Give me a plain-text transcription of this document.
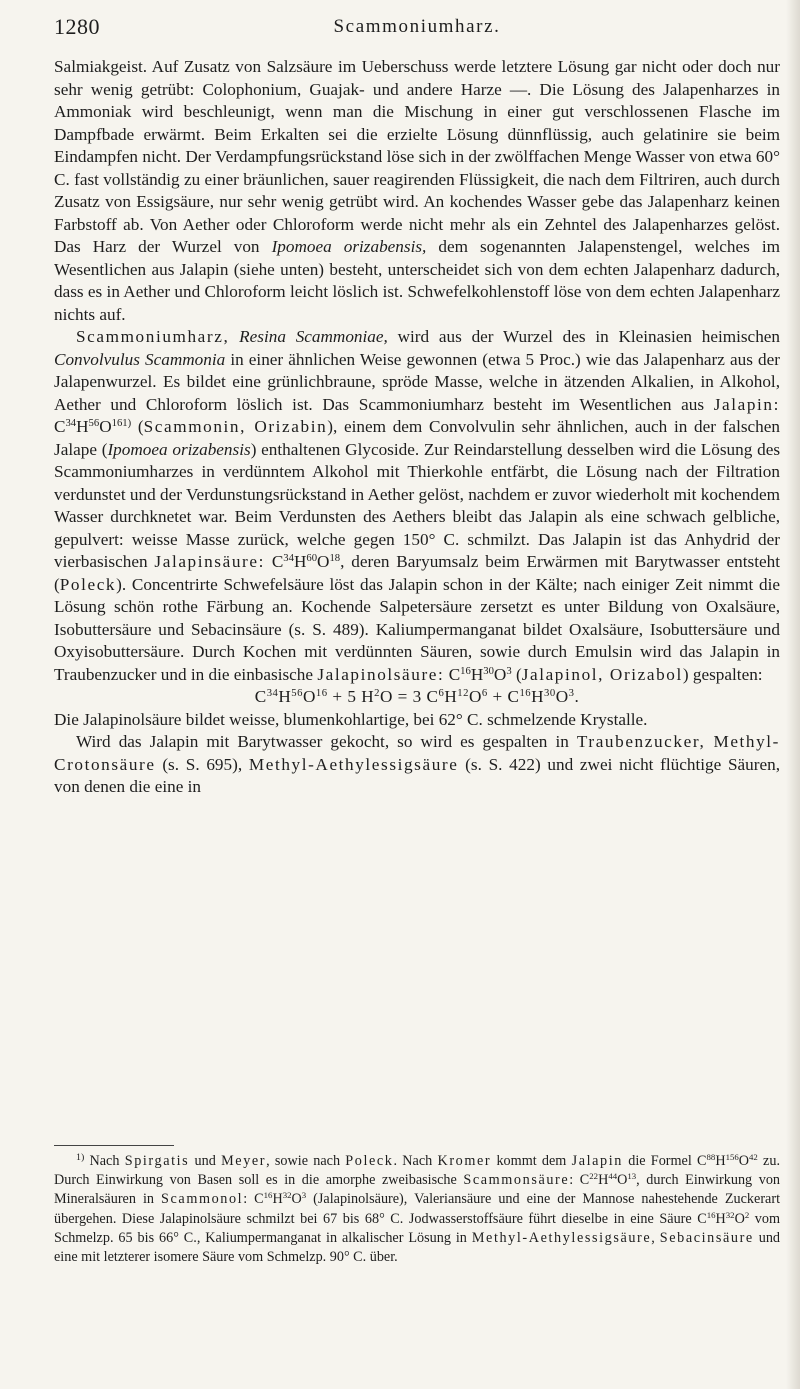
1280	Scammoniumharz.

Salmiakgeist. Auf Zusatz von Salzsäure im Ueberschuss werde letztere Lösung gar nicht oder doch nur sehr wenig getrübt: Colophonium, Guajak- und andere Harze —. Die Lösung des Jalapenharzes in Ammoniak wird beschleunigt, wenn man die Mischung in einer gut verschlossenen Flasche im Dampfbade erwärmt. Beim Erkalten sei die erzielte Lösung dünnflüssig, auch gelatinire sie beim Eindampfen nicht. Der Verdampfungsrückstand löse sich in der zwölffachen Menge Wasser von etwa 60° C. fast vollständig zu einer bräunlichen, sauer reagirenden Flüssigkeit, die nach dem Filtriren, auch durch Zusatz von Essigsäure, nur sehr wenig getrübt wird. An kochendes Wasser gebe das Jalapenharz keinen Farbstoff ab. Von Aether oder Chloroform werde nicht mehr als ein Zehntel des Jalapenharzes gelöst. Das Harz der Wurzel von Ipomoea orizabensis, dem sogenannten Jalapenstengel, welches im Wesentlichen aus Jalapin (siehe unten) besteht, unterscheidet sich von dem echten Jalapenharz dadurch, dass es in Aether und Chloroform leicht löslich ist. Schwefelkohlenstoff löse von dem echten Jalapenharz nichts auf.

Scammoniumharz, Resina Scammoniae, wird aus der Wurzel des in Kleinasien heimischen Convolvulus Scammonia in einer ähnlichen Weise gewonnen (etwa 5 Proc.) wie das Jalapenharz aus der Jalapenwurzel. Es bildet eine grünlichbraune, spröde Masse, welche in ätzenden Alkalien, in Alkohol, Aether und Chloroform löslich ist. Das Scammoniumharz besteht im Wesentlichen aus Jalapin: $C^{34}H^{56}O^{161)}$ (Scammonin, Orizabin), einem dem Convolvulin sehr ähnlichen, auch in der falschen Jalape (Ipomoea orizabensis) enthaltenen Glycoside. Zur Reindarstellung desselben wird die Lösung des Scammoniumharzes in verdünntem Alkohol mit Thierkohle entfärbt, die Lösung nach der Filtration verdunstet und der Verdunstungsrückstand in Aether gelöst, nachdem er zuvor wiederholt mit kochendem Wasser durchknetet war. Beim Verdunsten des Aethers bleibt das Jalapin als eine schwach gelbliche, gepulvert: weisse Masse zurück, welche gegen 150° C. schmilzt. Das Jalapin ist das Anhydrid der vierbasischen Jalapinsäure: $C^{34}H^{60}O^{18}$, deren Baryumsalz beim Erwärmen mit Barytwasser entsteht (Poleck). Concentrirte Schwefelsäure löst das Jalapin schon in der Kälte; nach einiger Zeit nimmt die Lösung schön rothe Färbung an. Kochende Salpetersäure zersetzt es unter Bildung von Oxalsäure, Isobuttersäure und Sebacinsäure (s. S. 489). Kaliumpermanganat bildet Oxalsäure, Isobuttersäure und Oxyisobuttersäure. Durch Kochen mit verdünnten Säuren, sowie durch Emulsin wird das Jalapin in Traubenzucker und in die einbasische Jalapinolsäure: $C^{16}H^{30}O^3$ (Jalapinol, Orizabol) gespalten:

$C^{34}H^{56}O^{16} + 5$ $H^2O = 3$ $C^6H^{12}O^6 + C^{16}H^{30}O^3$.

Die Jalapinolsäure bildet weisse, blumenkohlartige, bei 62° C. schmelzende Krystalle.

Wird das Jalapin mit Barytwasser gekocht, so wird es gespalten in Traubenzucker, Methyl-Crotonsäure (s. S. 695), Methyl-Aethylessigsäure (s. S. 422) und zwei nicht flüchtige Säuren, von denen die eine in

$^{1)}$ Nach Spirgatis und Meyer, sowie nach Poleck. Nach Kromer kommt dem Jalapin die Formel $C^{88}H^{156}O^{42}$ zu. Durch Einwirkung von Basen soll es in die amorphe zweibasische Scammonsäure: $C^{22}H^{44}O^{13}$, durch Einwirkung von Mineralsäuren in Scammonol: $C^{16}H^{32}O^3$ (Jalapinolsäure), Valeriansäure und eine der Mannose nahestehende Zuckerart übergehen. Diese Jalapinolsäure schmilzt bei 67 bis 68° C. Jodwasserstoffsäure führt dieselbe in eine Säure $C^{16}H^{32}O^2$ vom Schmelzp. 65 bis 66° C., Kaliumpermanganat in alkalischer Lösung in Methyl-Aethylessigsäure, Sebacinsäure und eine mit letzterer isomere Säure vom Schmelzp. 90° C. über.
